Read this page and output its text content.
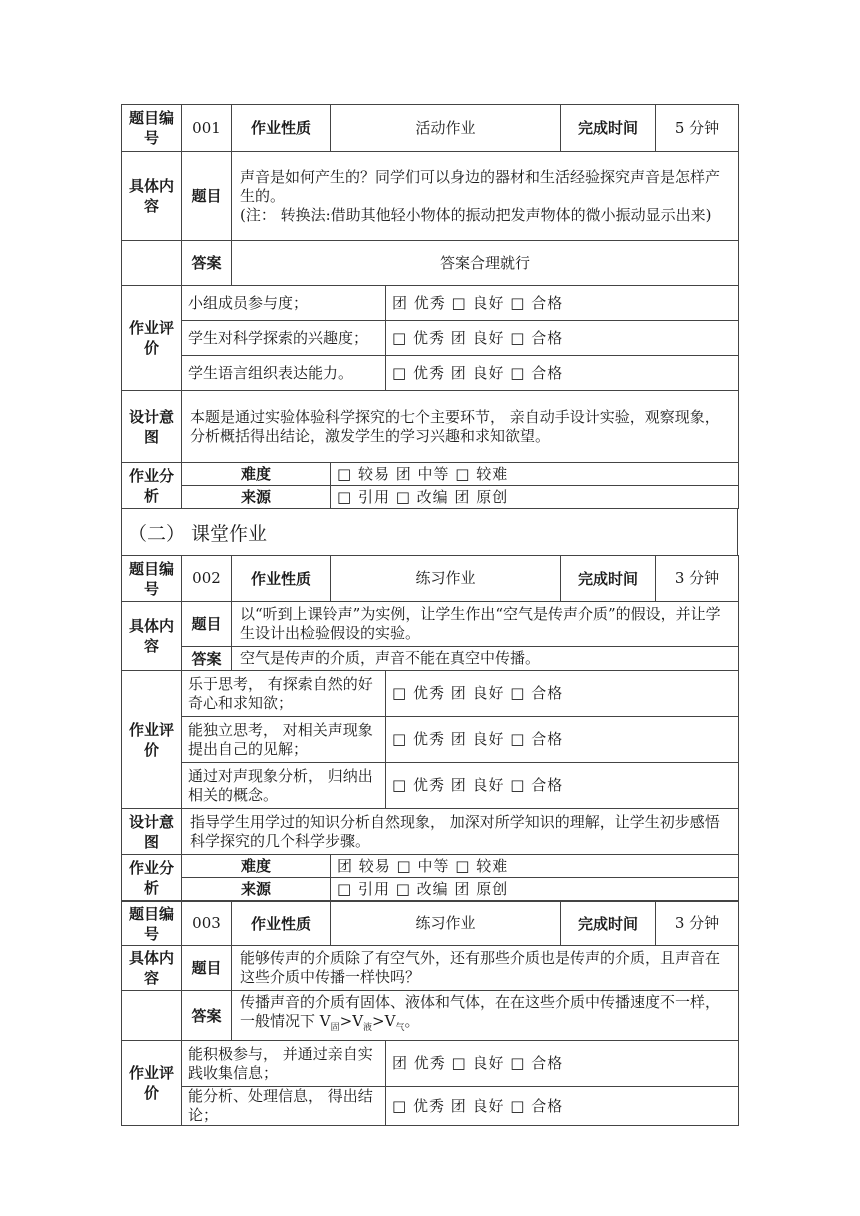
题目编号	001	作业性质	活动作业		完成时间	5 分钟
具体内容	题目	声音是如何产生的？同学们可以身边的器材和生活经验探究声音是怎样产生的。
(注： 转换法:借助其他轻小物体的振动把发声物体的微小振动显示出来)				

	答案	答案合理就行				
作业评价	小组成员参与度；			团 优秀 □ 良好 □ 合格		
	学生对科学探索的兴趣度；			□ 优秀 团 良好 □ 合格		
	学生语言组织表达能力。			□ 优秀 团 良好 □ 合格		
设计意图	本题是通过实验体验科学探究的七个主要环节， 亲自动手设计实验，观察现象，分析概括得出结论，激发学生的学习兴趣和求知欲望。					
作业分析	难度		□ 较易 团 中等 □ 较难			
	来源		□ 引用 □ 改编 团 原创			
（二） 课堂作业
题目编号	002	作业性质	练习作业		完成时间	3 分钟
具体内容	题目	以“听到上课铃声”为实例，让学生作出“空气是传声介质”的假设，并让学生设计出检验假设的实验。				
	答案	空气是传声的介质，声音不能在真空中传播。				
作业评价	乐于思考， 有探索自然的好奇心和求知欲；			□ 优秀 团 良好 □ 合格		
	能独立思考， 对相关声现象提出自己的见解；			□ 优秀 团 良好 □ 合格		
	通过对声现象分析， 归纳出相关的概念。			□ 优秀 团 良好 □ 合格		
设计意图	指导学生用学过的知识分析自然现象， 加深对所学知识的理解，让学生初步感悟科学探究的几个科学步骤。					
作业分析	难度		团 较易 □ 中等 □ 较难			
	来源		□ 引用 □ 改编 团 原创			
题目编号	003	作业性质	练习作业		完成时间	3 分钟
具体内容	题目	能够传声的介质除了有空气外，还有那些介质也是传声的介质，且声音在这些介质中传播一样快吗？				
	答案	传播声音的介质有固体、液体和气体，在在这些介质中传播速度不一样，一般情况下 $V_固>V_液>V_气$。				
作业评价	能积极参与， 并通过亲自实践收集信息；			团 优秀 □ 良好 □ 合格		
	能分析、处理信息， 得出结论；			□ 优秀 团 良好 □ 合格		
